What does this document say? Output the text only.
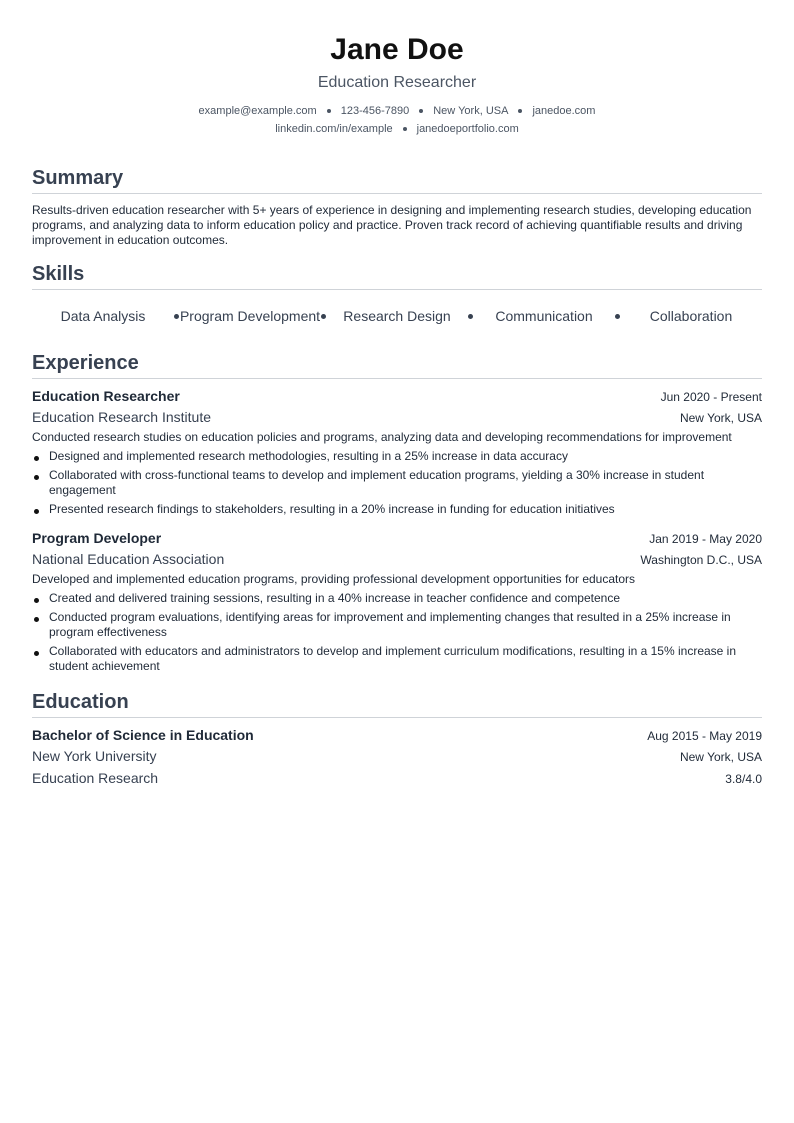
Jane Doe
Education Researcher
example@example.com 123-456-7890 New York, USA janedoe.com
linkedin.com/in/example janedoeportfolio.com
Summary
Results-driven education researcher with 5+ years of experience in designing and implementing research studies, developing education programs, and analyzing data to inform education policy and practice. Proven track record of achieving quantifiable results and driving improvement in education outcomes.
Skills
Data Analysis	Program Development	Research Design	Communication	Collaboration
Experience
Education Researcher	Jun 2020 - Present
Education Research Institute	New York, USA
Conducted research studies on education policies and programs, analyzing data and developing recommendations for improvement
Designed and implemented research methodologies, resulting in a 25% increase in data accuracy
Collaborated with cross-functional teams to develop and implement education programs, yielding a 30% increase in student engagement
Presented research findings to stakeholders, resulting in a 20% increase in funding for education initiatives
Program Developer	Jan 2019 - May 2020
National Education Association	Washington D.C., USA
Developed and implemented education programs, providing professional development opportunities for educators
Created and delivered training sessions, resulting in a 40% increase in teacher confidence and competence
Conducted program evaluations, identifying areas for improvement and implementing changes that resulted in a 25% increase in program effectiveness
Collaborated with educators and administrators to develop and implement curriculum modifications, resulting in a 15% increase in student achievement
Education
Bachelor of Science in Education	Aug 2015 - May 2019
New York University	New York, USA
Education Research	3.8/4.0
